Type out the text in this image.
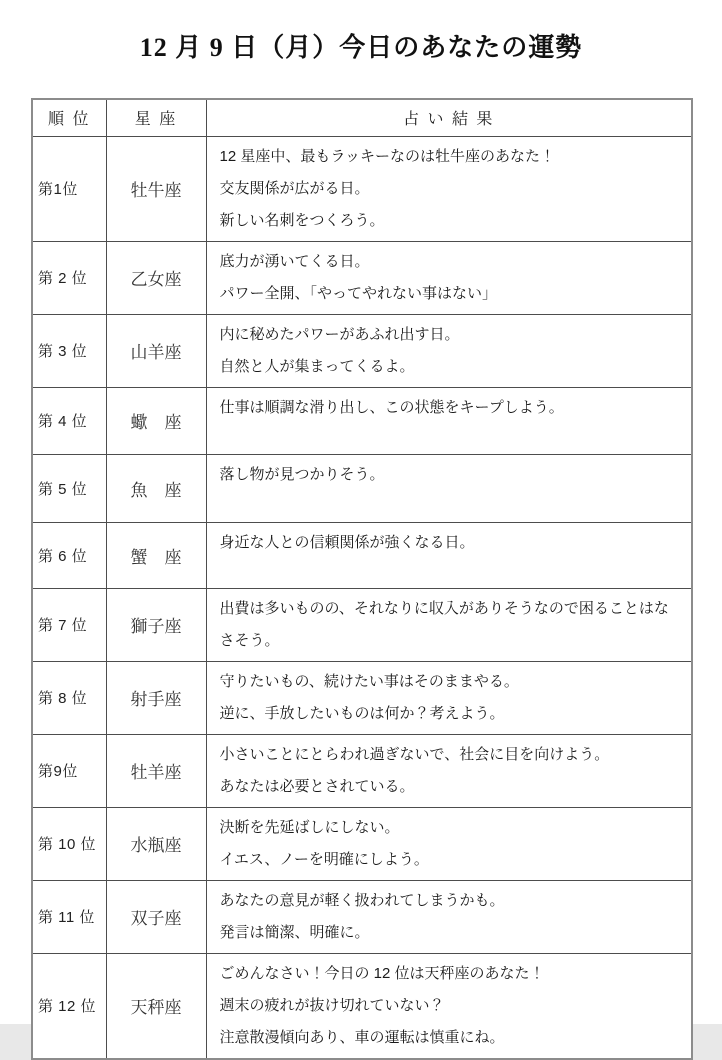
12 月 9 日（月）今日のあなたの運勢
順 位	星 座	占 い 結 果
第1位	牡牛座	12 星座中、最もラッキーなのは牡牛座のあなた！
交友関係が広がる日。
新しい名刺をつくろう。

第 2 位	乙女座	底力が湧いてくる日。
パワー全開、「やってやれない事はない」

第 3 位	山羊座	内に秘めたパワーがあふれ出す日。
自然と人が集まってくるよ。

第 4 位	蠍　座	仕事は順調な滑り出し、この状態をキープしよう。

第 5 位	魚　座	落し物が見つかりそう。

第 6 位	蟹　座	身近な人との信頼関係が強くなる日。

第 7 位	獅子座	出費は多いものの、それなりに収入がありそうなので困ることはなさそう。

第 8 位	射手座	守りたいもの、続けたい事はそのままやる。
逆に、手放したいものは何か？考えよう。

第9位	牡羊座	小さいことにとらわれ過ぎないで、社会に目を向けよう。
あなたは必要とされている。

第 10 位	水瓶座	決断を先延ばしにしない。
イエス、ノーを明確にしよう。

第 11 位	双子座	あなたの意見が軽く扱われてしまうかも。
発言は簡潔、明確に。

第 12 位	天秤座	ごめんなさい！今日の 12 位は天秤座のあなた！
週末の疲れが抜け切れていない？
注意散漫傾向あり、車の運転は慎重にね。
